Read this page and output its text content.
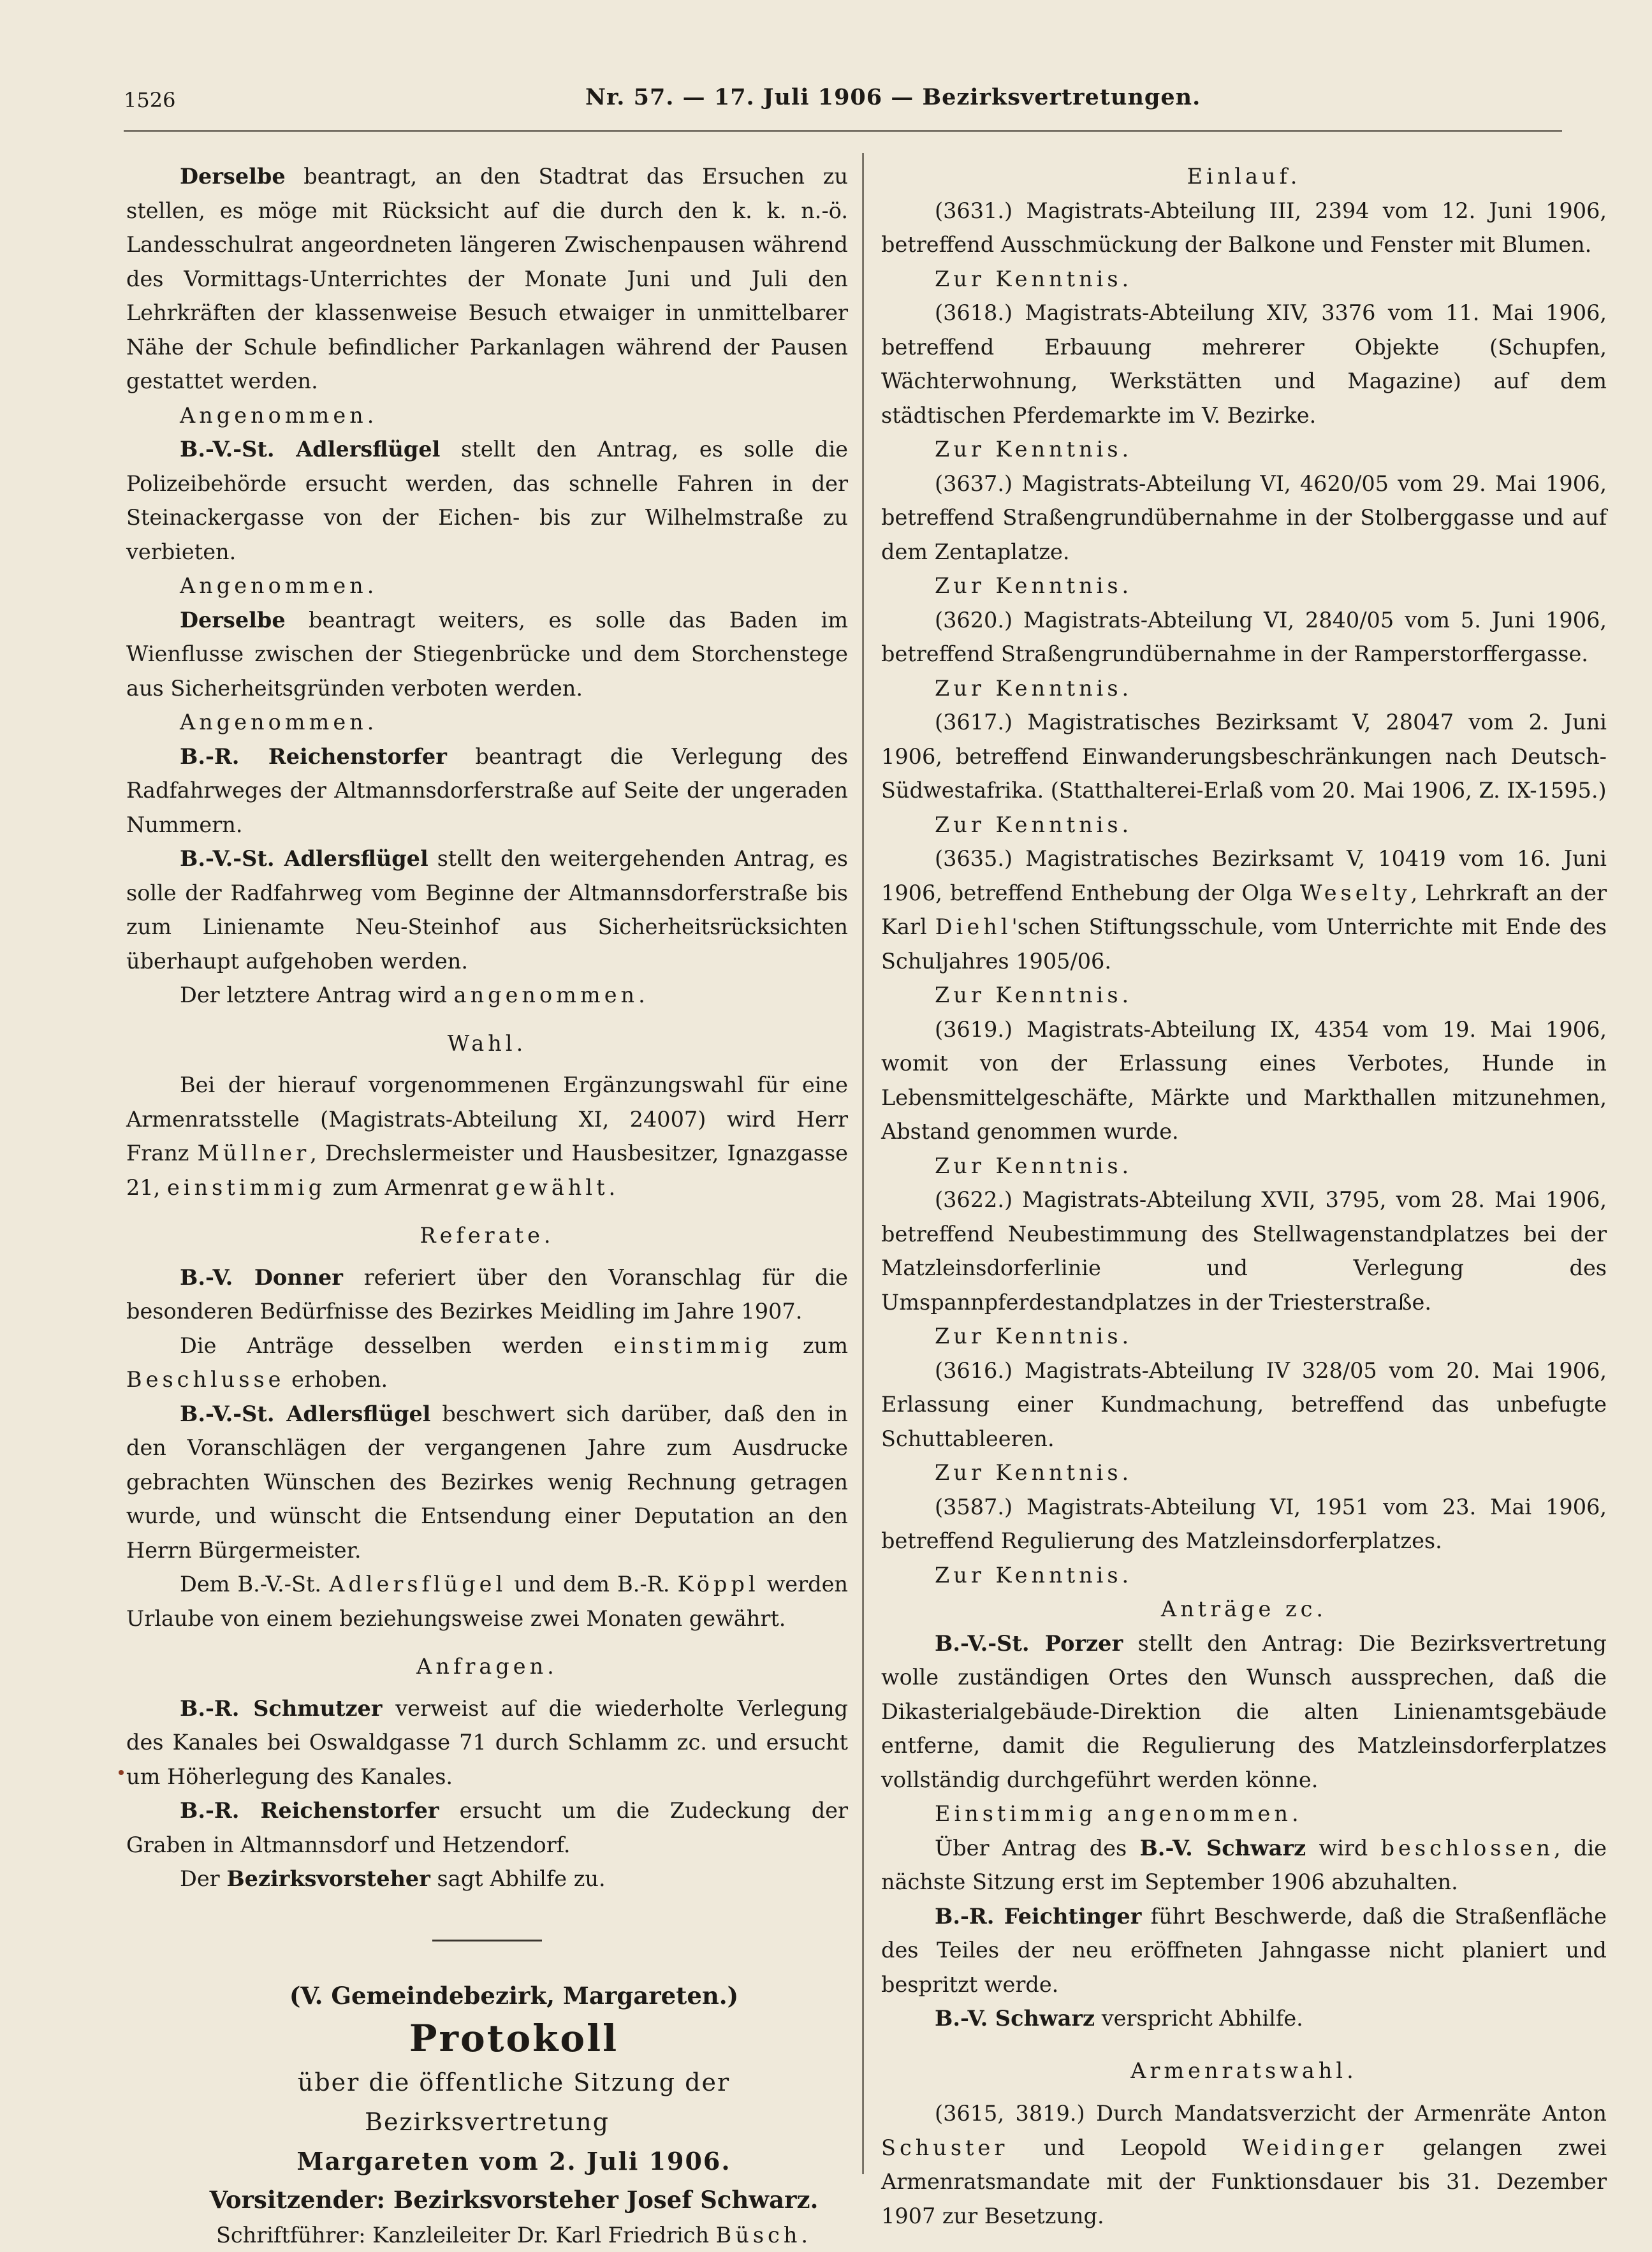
1526	Nr. 57. — 17. Juli 1906 — Bezirksvertretungen.

Derselbe beantragt, an den Stadtrat das Ersuchen zu stellen, es möge mit Rücksicht auf die durch den k. k. n.-ö. Landesschulrat angeordneten längeren Zwischenpausen während des Vormittags-Unterrichtes der Monate Juni und Juli den Lehrkräften der klassenweise Besuch etwaiger in unmittelbarer Nähe der Schule befindlicher Parkanlagen während der Pausen gestattet werden.

Angenommen.

B.-V.-St. Adlersflügel stellt den Antrag, es solle die Polizeibehörde ersucht werden, das schnelle Fahren in der Steinackergasse von der Eichen- bis zur Wilhelmstraße zu verbieten.

Angenommen.

Derselbe beantragt weiters, es solle das Baden im Wienflusse zwischen der Stiegenbrücke und dem Storchenstege aus Sicherheitsgründen verboten werden.

Angenommen.

B.-R. Reichenstorfer beantragt die Verlegung des Radfahrweges der Altmannsdorferstraße auf Seite der ungeraden Nummern.

B.-V.-St. Adlersflügel stellt den weitergehenden Antrag, es solle der Radfahrweg vom Beginne der Altmannsdorferstraße bis zum Linienamte Neu-Steinhof aus Sicherheitsrücksichten überhaupt aufgehoben werden.

Der letztere Antrag wird angenommen.

Wahl.

Bei der hierauf vorgenommenen Ergänzungswahl für eine Armenratsstelle (Magistrats-Abteilung XI, 24007) wird Herr Franz Müllner, Drechslermeister und Hausbesitzer, Ignazgasse 21, einstimmig zum Armenrat gewählt.

Referate.

B.-V. Donner referiert über den Voranschlag für die besonderen Bedürfnisse des Bezirkes Meidling im Jahre 1907.

Die Anträge desselben werden einstimmig zum Beschlusse erhoben.

B.-V.-St. Adlersflügel beschwert sich darüber, daß den in den Voranschlägen der vergangenen Jahre zum Ausdrucke gebrachten Wünschen des Bezirkes wenig Rechnung getragen wurde, und wünscht die Entsendung einer Deputation an den Herrn Bürgermeister.

Dem B.-V.-St. Adlersflügel und dem B.-R. Köppl werden Urlaube von einem beziehungsweise zwei Monaten gewährt.

Anfragen.

B.-R. Schmutzer verweist auf die wiederholte Verlegung des Kanales bei Oswaldgasse 71 durch Schlamm zc. und ersucht um Höherlegung des Kanales.

B.-R. Reichenstorfer ersucht um die Zudeckung der Graben in Altmannsdorf und Hetzendorf.

Der Bezirksvorsteher sagt Abhilfe zu.

(V. Gemeindebezirk, Margareten.)

Protokoll

über die öffentliche Sitzung der Bezirksvertretung

Margareten vom 2. Juli 1906.

Vorsitzender: Bezirksvorsteher Josef Schwarz.

Schriftführer: Kanzleileiter Dr. Karl Friedrich Büsch.

Einlauf.

(3631.) Magistrats-Abteilung III, 2394 vom 12. Juni 1906, betreffend Ausschmückung der Balkone und Fenster mit Blumen.

Zur Kenntnis.

(3618.) Magistrats-Abteilung XIV, 3376 vom 11. Mai 1906, betreffend Erbauung mehrerer Objekte (Schupfen, Wächterwohnung, Werkstätten und Magazine) auf dem städtischen Pferdemarkte im V. Bezirke.

Zur Kenntnis.

(3637.) Magistrats-Abteilung VI, 4620/05 vom 29. Mai 1906, betreffend Straßengrundübernahme in der Stolberggasse und auf dem Zentaplatze.

Zur Kenntnis.

(3620.) Magistrats-Abteilung VI, 2840/05 vom 5. Juni 1906, betreffend Straßengrundübernahme in der Ramperstorffergasse.

Zur Kenntnis.

(3617.) Magistratisches Bezirksamt V, 28047 vom 2. Juni 1906, betreffend Einwanderungsbeschränkungen nach Deutsch-Südwestafrika. (Statthalterei-Erlaß vom 20. Mai 1906, Z. IX-1595.)

Zur Kenntnis.

(3635.) Magistratisches Bezirksamt V, 10419 vom 16. Juni 1906, betreffend Enthebung der Olga Weselty, Lehrkraft an der Karl Diehl'schen Stiftungsschule, vom Unterrichte mit Ende des Schuljahres 1905/06.

Zur Kenntnis.

(3619.) Magistrats-Abteilung IX, 4354 vom 19. Mai 1906, womit von der Erlassung eines Verbotes, Hunde in Lebensmittelgeschäfte, Märkte und Markthallen mitzunehmen, Abstand genommen wurde.

Zur Kenntnis.

(3622.) Magistrats-Abteilung XVII, 3795, vom 28. Mai 1906, betreffend Neubestimmung des Stellwagenstandplatzes bei der Matzleinsdorferlinie und Verlegung des Umspannpferdestandplatzes in der Triesterstraße.

Zur Kenntnis.

(3616.) Magistrats-Abteilung IV 328/05 vom 20. Mai 1906, Erlassung einer Kundmachung, betreffend das unbefugte Schuttableeren.

Zur Kenntnis.

(3587.) Magistrats-Abteilung VI, 1951 vom 23. Mai 1906, betreffend Regulierung des Matzleinsdorferplatzes.

Zur Kenntnis.

Anträge zc.

B.-V.-St. Porzer stellt den Antrag: Die Bezirksvertretung wolle zuständigen Ortes den Wunsch aussprechen, daß die Dikasterialgebäude-Direktion die alten Linienamtsgebäude entferne, damit die Regulierung des Matzleinsdorferplatzes vollständig durchgeführt werden könne.

Einstimmig angenommen.

Über Antrag des B.-V. Schwarz wird beschlossen, die nächste Sitzung erst im September 1906 abzuhalten.

B.-R. Feichtinger führt Beschwerde, daß die Straßenfläche des Teiles der neu eröffneten Jahngasse nicht planiert und bespritzt werde.

B.-V. Schwarz verspricht Abhilfe.

Armenratswahl.

(3615, 3819.) Durch Mandatsverzicht der Armenräte Anton Schuster und Leopold Weidinger gelangen zwei Armenratsmandate mit der Funktionsdauer bis 31. Dezember 1907 zur Besetzung.
